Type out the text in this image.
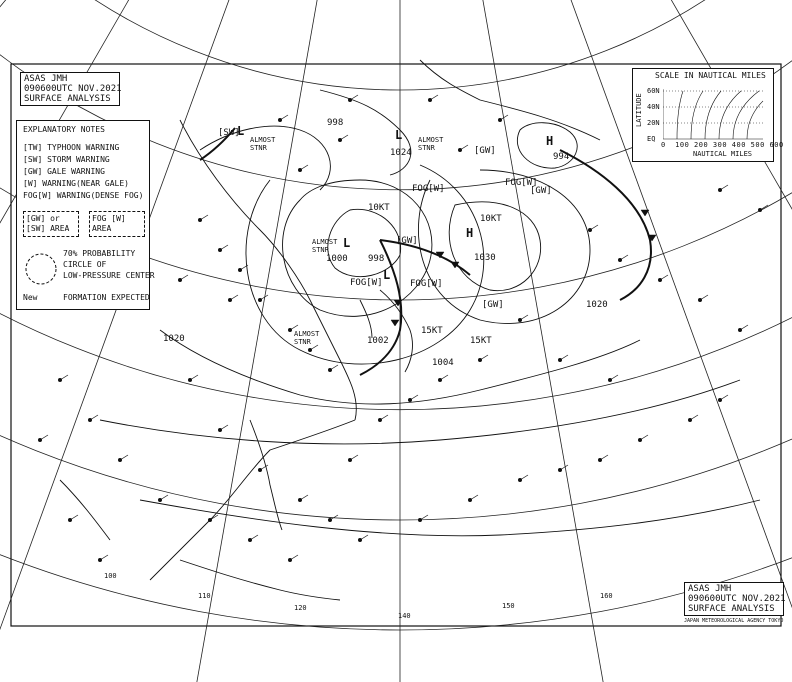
ASAS JMH
090600UTC NOV.2021
SURFACE ANALYSIS
EXPLANATORY NOTES
[TW] TYPHOON WARNING
[SW] STORM WARNING
[GW] GALE WARNING
[W] WARNING(NEAR GALE)
FOG[W] WARNING(DENSE FOG)
[GW] or [SW] AREA
FOG [W] AREA
70% PROBABILITY
CIRCLE OF
LOW-PRESSURE CENTER
New	FORMATION EXPECTED
SCALE IN NAUTICAL MILES
LATITUDE
60N
40N
20N
EQ
0 100 200 300 400 500 600
NAUTICAL MILES
L
L
L
L
H
H
998
1024
1000 998
1002
1004
1030
1020
994
1020
10KT
10KT
15KT
15KT
[GW]
[GW]
[GW]
[GW]
FOG[W]
FOG[W]	FOG[W]
FOG[W]
[SW]
ALMOST STNR
ALMOST STNR
ALMOST STNR
ALMOST STNR
140
150
160
120
110
100
ASAS JMH
090600UTC NOV.2021
SURFACE ANALYSIS
JAPAN METEOROLOGICAL AGENCY TOKYO
